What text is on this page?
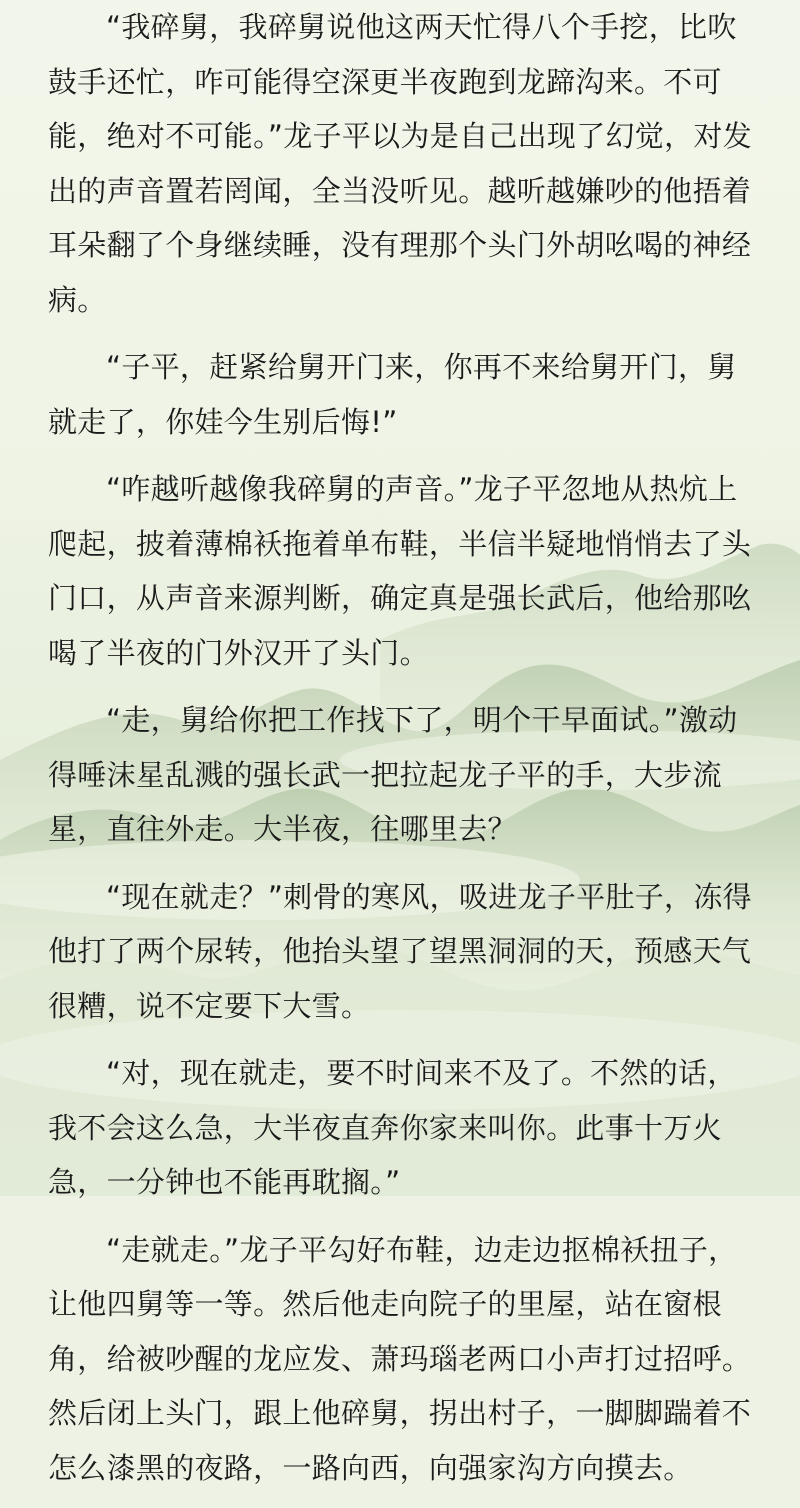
“我碎舅，我碎舅说他这两天忙得八个手挖，比吹鼓手还忙，咋可能得空深更半夜跑到龙蹄沟来。不可能，绝对不可能。”龙子平以为是自己出现了幻觉，对发出的声音置若罔闻，全当没听见。越听越嫌吵的他捂着耳朵翻了个身继续睡，没有理那个头门外胡吆喝的神经病。

“子平，赶紧给舅开门来，你再不来给舅开门，舅就走了，你娃今生别后悔!”

“咋越听越像我碎舅的声音。”龙子平忽地从热炕上爬起，披着薄棉袄拖着单布鞋，半信半疑地悄悄去了头门口，从声音来源判断，确定真是强长武后，他给那吆喝了半夜的门外汉开了头门。

“走，舅给你把工作找下了，明个干早面试。”激动得唾沫星乱溅的强长武一把拉起龙子平的手，大步流星，直往外走。大半夜，往哪里去？

“现在就走？”刺骨的寒风，吸进龙子平肚子，冻得他打了两个尿转，他抬头望了望黑洞洞的天，预感天气很糟，说不定要下大雪。

“对，现在就走，要不时间来不及了。不然的话，我不会这么急，大半夜直奔你家来叫你。此事十万火急，一分钟也不能再耽搁。”

“走就走。”龙子平勾好布鞋，边走边抠棉袄扭子，让他四舅等一等。然后他走向院子的里屋，站在窗根角，给被吵醒的龙应发、萧玛瑙老两口小声打过招呼。然后闭上头门，跟上他碎舅，拐出村子，一脚脚踹着不怎么漆黑的夜路，一路向西，向强家沟方向摸去。
